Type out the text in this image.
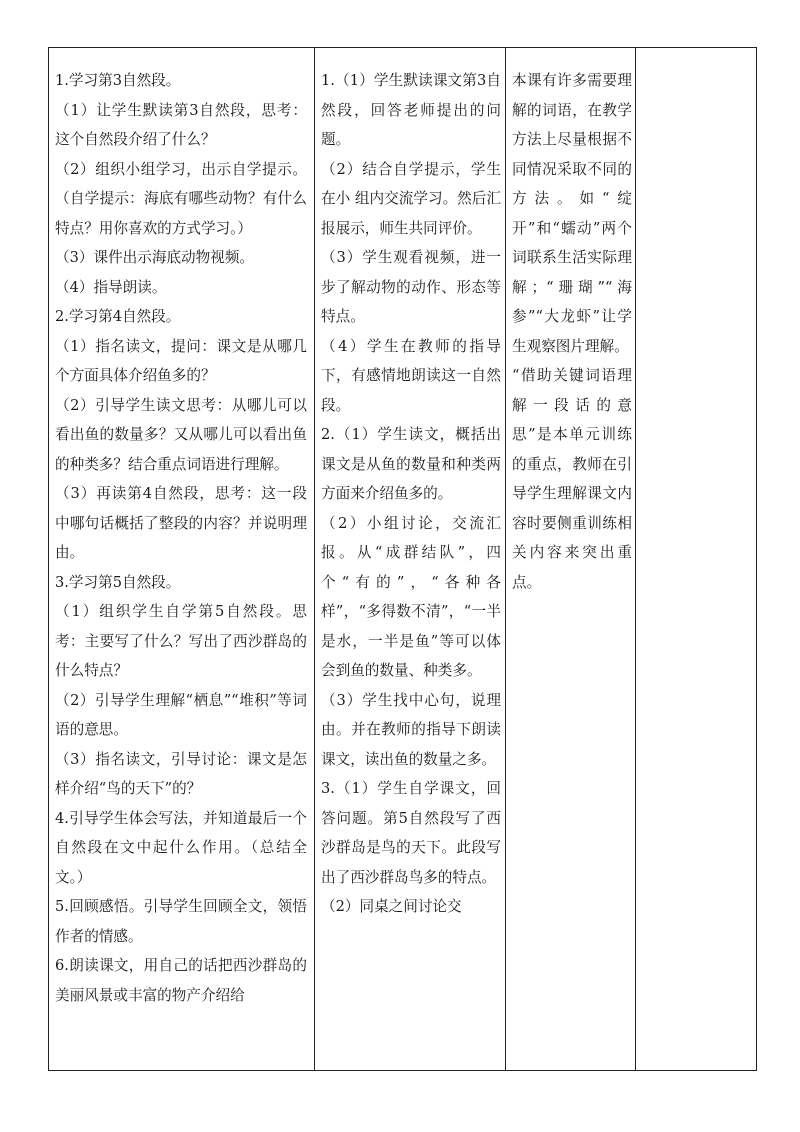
1.学习第3自然段。

（1）让学生默读第3自然段，思考：这个自然段介绍了什么？

（2）组织小组学习，出示自学提示。（自学提示：海底有哪些动物？有什么特点？用你喜欢的方式学习。）

（3）课件出示海底动物视频。

（4）指导朗读。

2.学习第4自然段。

（1）指名读文，提问：课文是从哪几个方面具体介绍鱼多的？

（2）引导学生读文思考：从哪儿可以看出鱼的数量多？又从哪儿可以看出鱼的种类多？结合重点词语进行理解。

（3）再读第4自然段，思考：这一段中哪句话概括了整段的内容？并说明理由。

3.学习第5自然段。

（1）组织学生自学第5自然段。思考：主要写了什么？写出了西沙群岛的什么特点？

（2）引导学生理解“栖息”“堆积”等词语的意思。

（3）指名读文，引导讨论：课文是怎样介绍“鸟的天下”的？

4.引导学生体会写法，并知道最后一个自然段在文中起什么作用。（总结全文。）

5.回顾感悟。引导学生回顾全文，领悟作者的情感。

6.朗读课文，用自己的话把西沙群岛的美丽风景或丰富的物产介绍给

1.（1）学生默读课文第3自然段，回答老师提出的问题。

（2）结合自学提示，学生在小 组内交流学习。然后汇报展示，师生共同评价。

（3）学生观看视频，进一步了解动物的动作、形态等特点。

（4）学生在教师的指导下，有感情地朗读这一自然段。

2.（1）学生读文，概括出课文是从鱼的数量和种类两方面来介绍鱼多的。

（2）小组讨论，交流汇报。从“成群结队”，四个“有的”，“各种各样”，“多得数不清”，“一半是水，一半是鱼”等可以体会到鱼的数量、种类多。

（3）学生找中心句，说理由。并在教师的指导下朗读课文，读出鱼的数量之多。

3.（1）学生自学课文，回答问题。第5自然段写了西沙群岛是鸟的天下。此段写出了西沙群岛鸟多的特点。

（2）同桌之间讨论交

本课有许多需要理解的词语，在教学方法上尽量根据不同情况采取不同的方法。如“绽开”和“蠕动”两个词联系生活实际理解；“珊瑚”“海参”“大龙虾”让学生观察图片理解。

“借助关键词语理解一段话的意思”是本单元训练的重点，教师在引导学生理解课文内容时要侧重训练相关内容来突出重点。
